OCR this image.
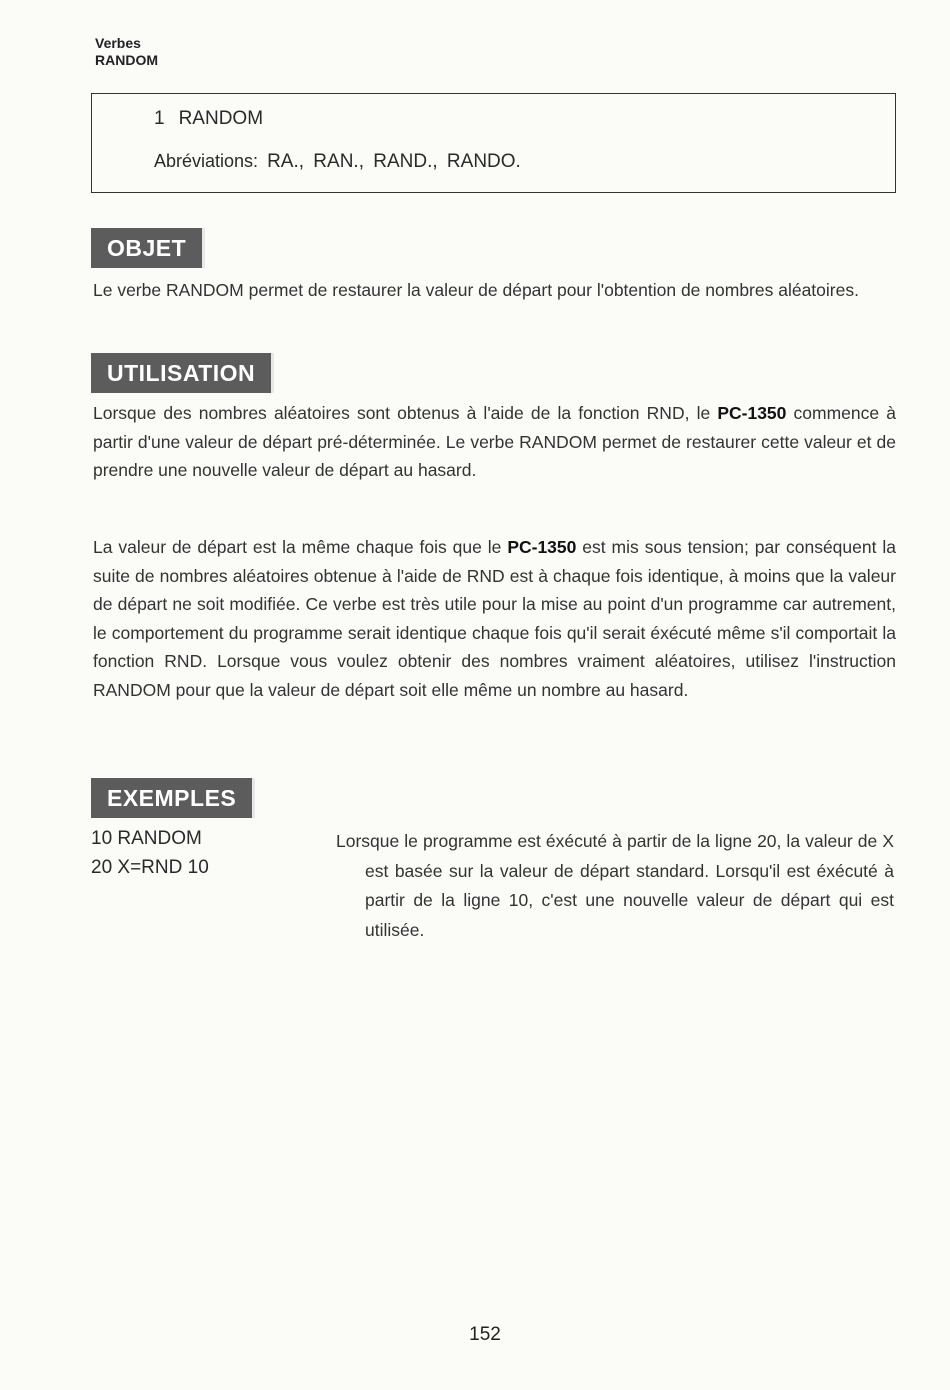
Verbes
RANDOM
1 RANDOM
Abréviations: RA., RAN., RAND., RANDO.
OBJET

Le verbe RANDOM permet de restaurer la valeur de départ pour l'obtention de nombres aléatoires.

UTILISATION

Lorsque des nombres aléatoires sont obtenus à l'aide de la fonction RND, le PC-1350 commence à partir d'une valeur de départ pré-déterminée. Le verbe RANDOM permet de restaurer cette valeur et de prendre une nouvelle valeur de départ au hasard.

La valeur de départ est la même chaque fois que le PC-1350 est mis sous tension; par conséquent la suite de nombres aléatoires obtenue à l'aide de RND est à chaque fois identique, à moins que la valeur de départ ne soit modifiée. Ce verbe est très utile pour la mise au point d'un programme car autrement, le comportement du programme serait identique chaque fois qu'il serait éxécuté même s'il comportait la fonction RND. Lorsque vous voulez obtenir des nombres vraiment aléatoires, utilisez l'instruction RANDOM pour que la valeur de départ soit elle même un nombre au hasard.

EXEMPLES
10 RANDOM
20 X=RND 10

Lorsque le programme est éxécuté à partir de la ligne 20, la valeur de X est basée sur la valeur de départ standard. Lorsqu'il est éxécuté à partir de la ligne 10, c'est une nouvelle valeur de départ qui est utilisée.

152
